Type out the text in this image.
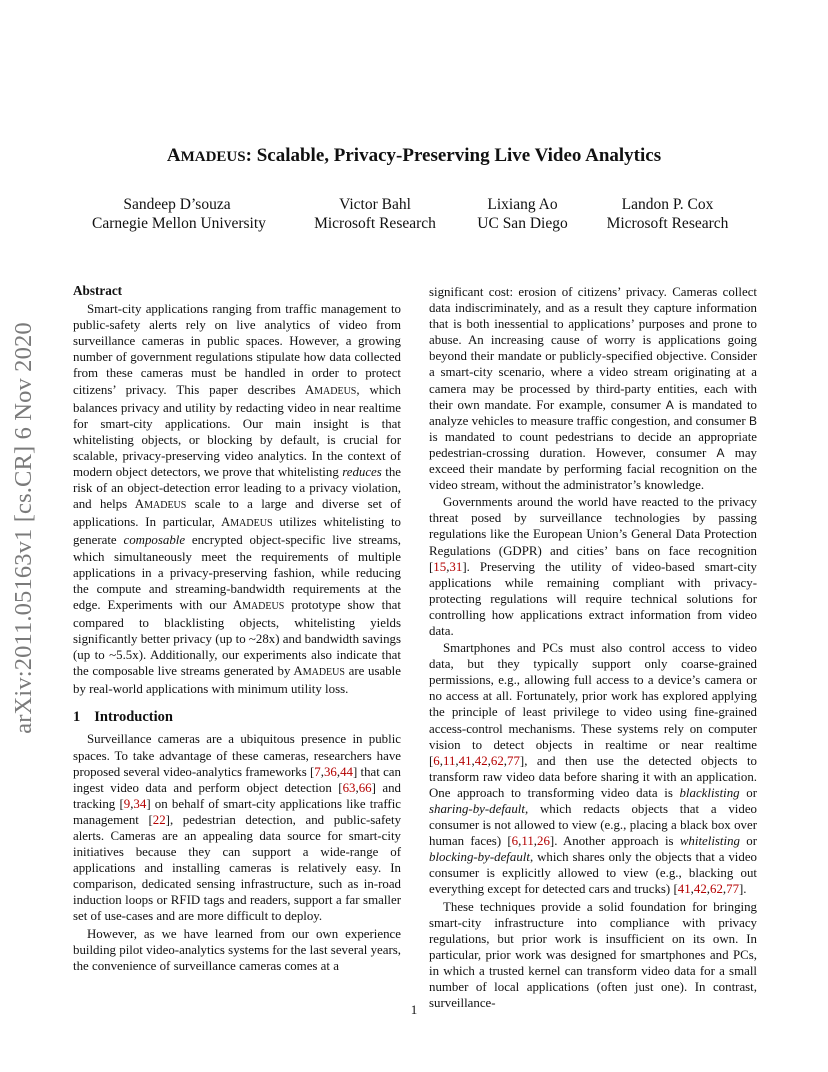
arXiv:2011.05163v1 [cs.CR] 6 Nov 2020
AMADEUS: Scalable, Privacy-Preserving Live Video Analytics
Sandeep D’souza
Carnegie Mellon University
Victor Bahl
Microsoft Research
Lixiang Ao
UC San Diego
Landon P. Cox
Microsoft Research
Abstract

Smart-city applications ranging from traffic management to public-safety alerts rely on live analytics of video from surveillance cameras in public spaces. However, a growing number of government regulations stipulate how data collected from these cameras must be handled in order to protect citizens’ privacy. This paper describes AMADEUS, which balances privacy and utility by redacting video in near realtime for smart-city applications. Our main insight is that whitelisting objects, or blocking by default, is crucial for scalable, privacy-preserving video analytics. In the context of modern object detectors, we prove that whitelisting reduces the risk of an object-detection error leading to a privacy violation, and helps AMADEUS scale to a large and diverse set of applications. In particular, AMADEUS utilizes whitelisting to generate composable encrypted object-specific live streams, which simultaneously meet the requirements of multiple applications in a privacy-preserving fashion, while reducing the compute and streaming-bandwidth requirements at the edge. Experiments with our AMADEUS prototype show that compared to blacklisting objects, whitelisting yields significantly better privacy (up to ~28x) and bandwidth savings (up to ~5.5x). Additionally, our experiments also indicate that the composable live streams generated by AMADEUS are usable by real-world applications with minimum utility loss.

1 Introduction

Surveillance cameras are a ubiquitous presence in public spaces. To take advantage of these cameras, researchers have proposed several video-analytics frameworks [7,36,44] that can ingest video data and perform object detection [63,66] and tracking [9,34] on behalf of smart-city applications like traffic management [22], pedestrian detection, and public-safety alerts. Cameras are an appealing data source for smart-city initiatives because they can support a wide-range of applications and installing cameras is relatively easy. In comparison, dedicated sensing infrastructure, such as in-road induction loops or RFID tags and readers, support a far smaller set of use-cases and are more difficult to deploy.

However, as we have learned from our own experience building pilot video-analytics systems for the last several years, the convenience of surveillance cameras comes at a

significant cost: erosion of citizens’ privacy. Cameras collect data indiscriminately, and as a result they capture information that is both inessential to applications’ purposes and prone to abuse. An increasing cause of worry is applications going beyond their mandate or publicly-specified objective. Consider a smart-city scenario, where a video stream originating at a camera may be processed by third-party entities, each with their own mandate. For example, consumer A is mandated to analyze vehicles to measure traffic congestion, and consumer B is mandated to count pedestrians to decide an appropriate pedestrian-crossing duration. However, consumer A may exceed their mandate by performing facial recognition on the video stream, without the administrator’s knowledge.

Governments around the world have reacted to the privacy threat posed by surveillance technologies by passing regulations like the European Union’s General Data Protection Regulations (GDPR) and cities’ bans on face recognition [15,31]. Preserving the utility of video-based smart-city applications while remaining compliant with privacy-protecting regulations will require technical solutions for controlling how applications extract information from video data.

Smartphones and PCs must also control access to video data, but they typically support only coarse-grained permissions, e.g., allowing full access to a device’s camera or no access at all. Fortunately, prior work has explored applying the principle of least privilege to video using fine-grained access-control mechanisms. These systems rely on computer vision to detect objects in realtime or near realtime [6,11,41,42,62,77], and then use the detected objects to transform raw video data before sharing it with an application. One approach to transforming video data is blacklisting or sharing-by-default, which redacts objects that a video consumer is not allowed to view (e.g., placing a black box over human faces) [6,11,26]. Another approach is whitelisting or blocking-by-default, which shares only the objects that a video consumer is explicitly allowed to view (e.g., blacking out everything except for detected cars and trucks) [41,42,62,77].

These techniques provide a solid foundation for bringing smart-city infrastructure into compliance with privacy regulations, but prior work is insufficient on its own. In particular, prior work was designed for smartphones and PCs, in which a trusted kernel can transform video data for a small number of local applications (often just one). In contrast, surveillance-

1
